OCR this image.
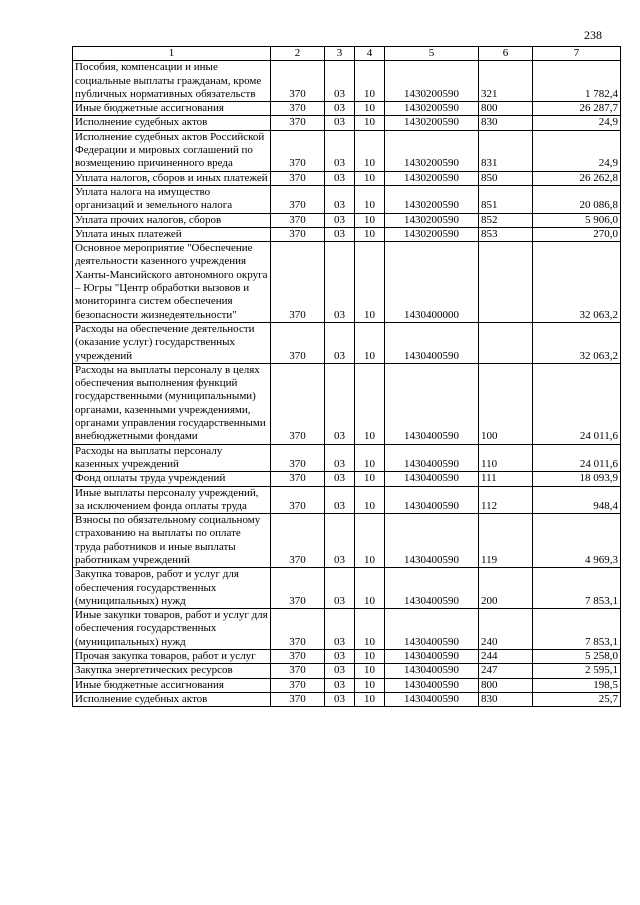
238
1	2	3	4	5	6	7
Пособия, компенсации и иные социальные выплаты гражданам, кроме публичных нормативных обязательств	370	03	10	1430200590	321	1 782,4
Иные бюджетные ассигнования	370	03	10	1430200590	800	26 287,7
Исполнение судебных актов	370	03	10	1430200590	830	24,9
Исполнение судебных актов Российской Федерации и мировых соглашений по возмещению причиненного вреда	370	03	10	1430200590	831	24,9
Уплата налогов, сборов и иных платежей	370	03	10	1430200590	850	26 262,8
Уплата налога на имущество организаций и земельного налога	370	03	10	1430200590	851	20 086,8
Уплата прочих налогов, сборов	370	03	10	1430200590	852	5 906,0
Уплата иных платежей	370	03	10	1430200590	853	270,0
Основное мероприятие "Обеспечение деятельности казенного учреждения Ханты-Мансийского автономного округа – Югры "Центр обработки вызовов и мониторинга систем обеспечения безопасности жизнедеятельности"	370	03	10	1430400000		32 063,2
Расходы на обеспечение деятельности (оказание услуг) государственных учреждений	370	03	10	1430400590		32 063,2
Расходы на выплаты персоналу в целях обеспечения выполнения функций государственными (муниципальными) органами, казенными учреждениями, органами управления государственными внебюджетными фондами	370	03	10	1430400590	100	24 011,6
Расходы на выплаты персоналу казенных учреждений	370	03	10	1430400590	110	24 011,6
Фонд оплаты труда учреждений	370	03	10	1430400590	111	18 093,9
Иные выплаты персоналу учреждений, за исключением фонда оплаты труда	370	03	10	1430400590	112	948,4
Взносы по обязательному социальному страхованию на выплаты по оплате труда работников и иные выплаты работникам учреждений	370	03	10	1430400590	119	4 969,3
Закупка товаров, работ и услуг для обеспечения государственных (муниципальных) нужд	370	03	10	1430400590	200	7 853,1
Иные закупки товаров, работ и услуг для обеспечения государственных (муниципальных) нужд	370	03	10	1430400590	240	7 853,1
Прочая закупка товаров, работ и услуг	370	03	10	1430400590	244	5 258,0
Закупка энергетических ресурсов	370	03	10	1430400590	247	2 595,1
Иные бюджетные ассигнования	370	03	10	1430400590	800	198,5
Исполнение судебных актов	370	03	10	1430400590	830	25,7
